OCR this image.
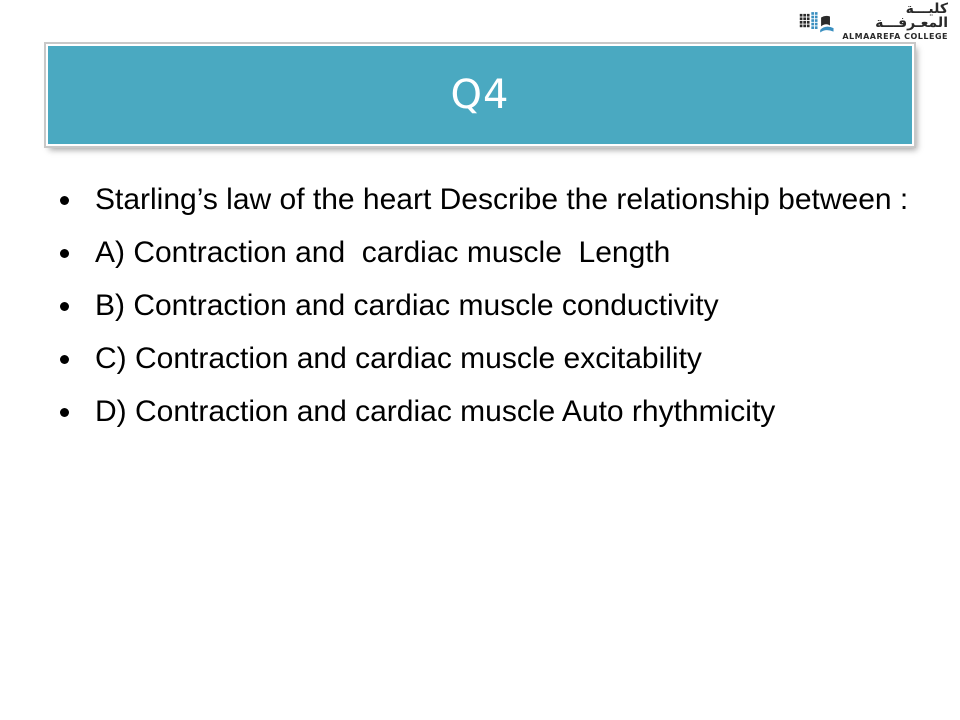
كليـــة المعـرفـــة
ALMAAREFA COLLEGE
Q4
Starling’s law of the heart Describe the relationship between :
A) Contraction and  cardiac muscle  Length
B) Contraction and cardiac muscle conductivity
C) Contraction and cardiac muscle excitability
D) Contraction and cardiac muscle Auto rhythmicity
